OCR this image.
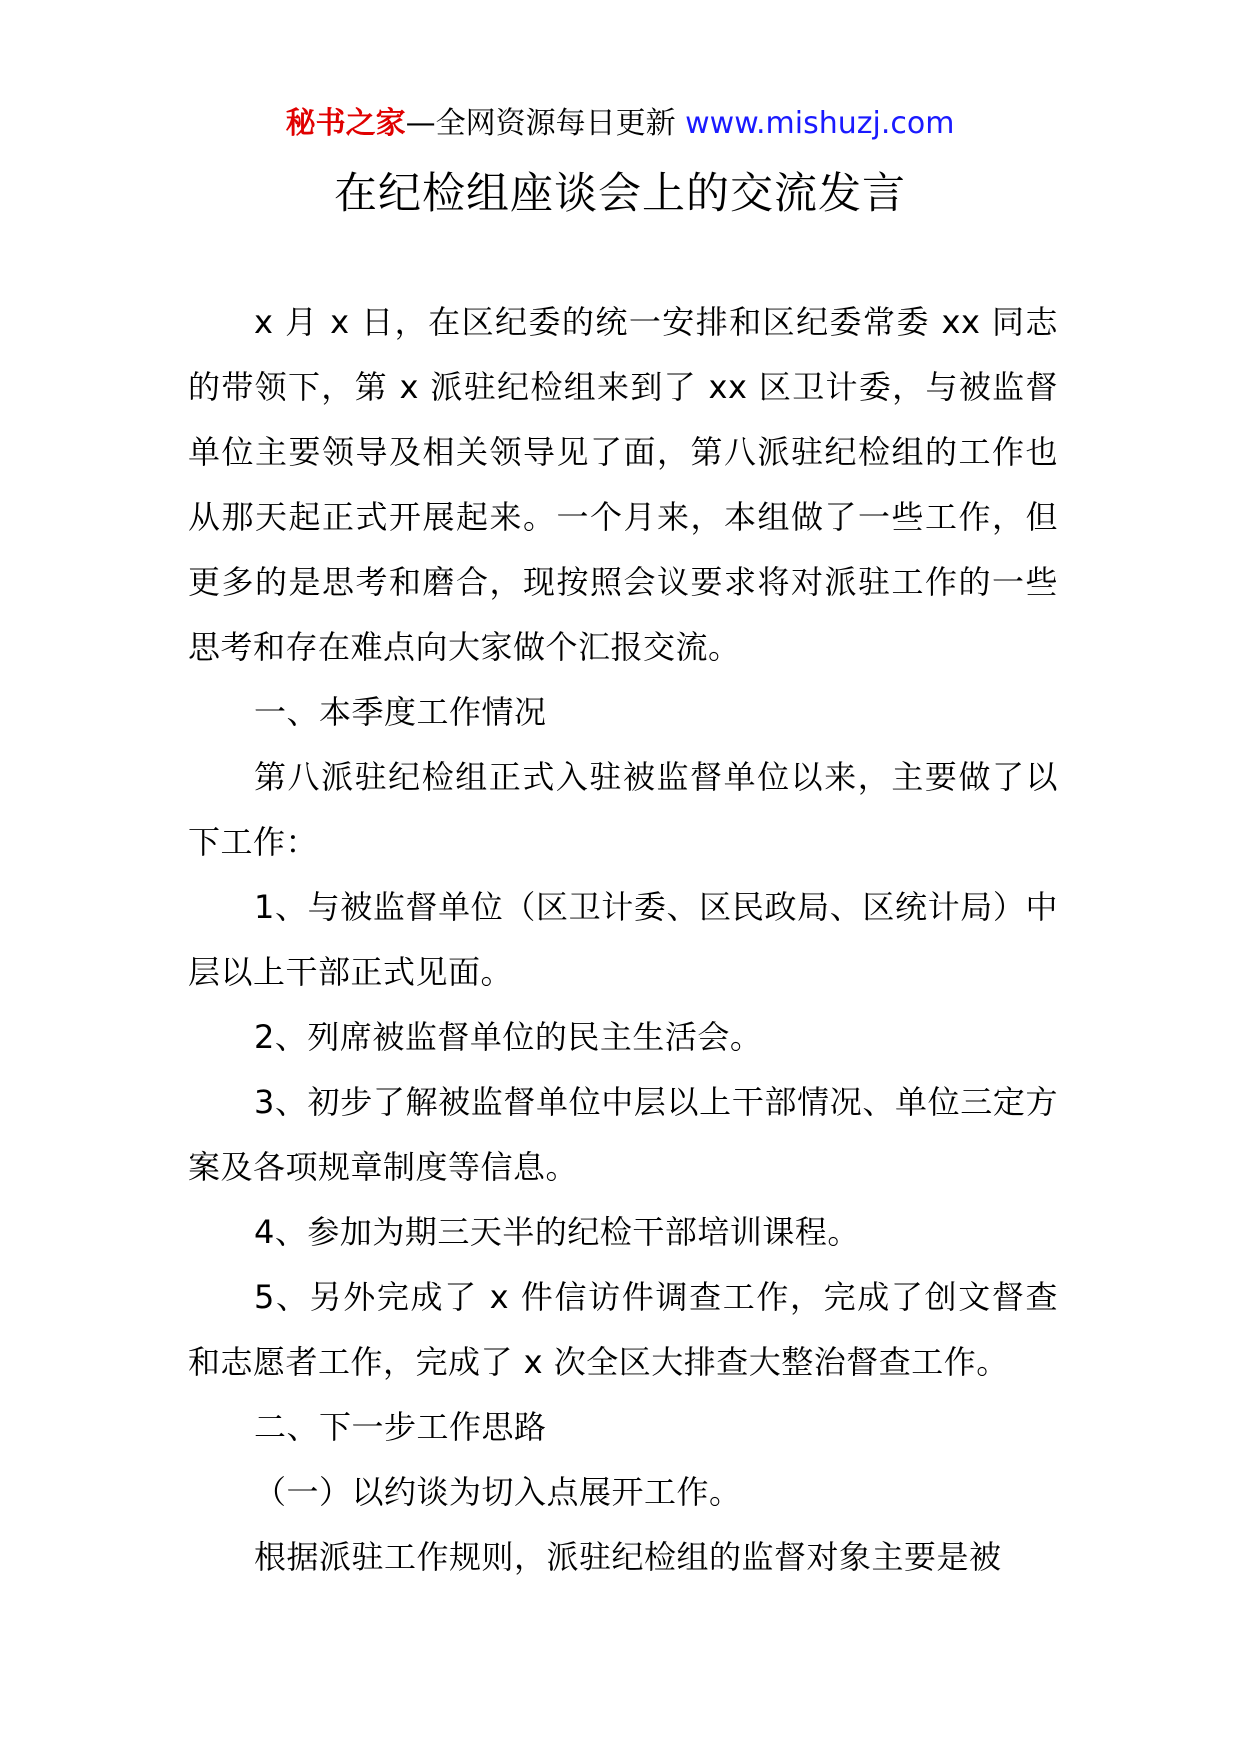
秘书之家—全网资源每日更新 www.mishuzj.com
在纪检组座谈会上的交流发言

x 月 x 日，在区纪委的统一安排和区纪委常委 xx 同志的带领下，第 x 派驻纪检组来到了 xx 区卫计委，与被监督单位主要领导及相关领导见了面，第八派驻纪检组的工作也从那天起正式开展起来。一个月来，本组做了一些工作，但更多的是思考和磨合，现按照会议要求将对派驻工作的一些思考和存在难点向大家做个汇报交流。

一、本季度工作情况

第八派驻纪检组正式入驻被监督单位以来，主要做了以下工作：

1、与被监督单位（区卫计委、区民政局、区统计局）中层以上干部正式见面。

2、列席被监督单位的民主生活会。

3、初步了解被监督单位中层以上干部情况、单位三定方案及各项规章制度等信息。

4、参加为期三天半的纪检干部培训课程。

5、另外完成了 x 件信访件调查工作，完成了创文督查和志愿者工作，完成了 x 次全区大排查大整治督查工作。

二、下一步工作思路

（一）以约谈为切入点展开工作。

根据派驻工作规则，派驻纪检组的监督对象主要是被
